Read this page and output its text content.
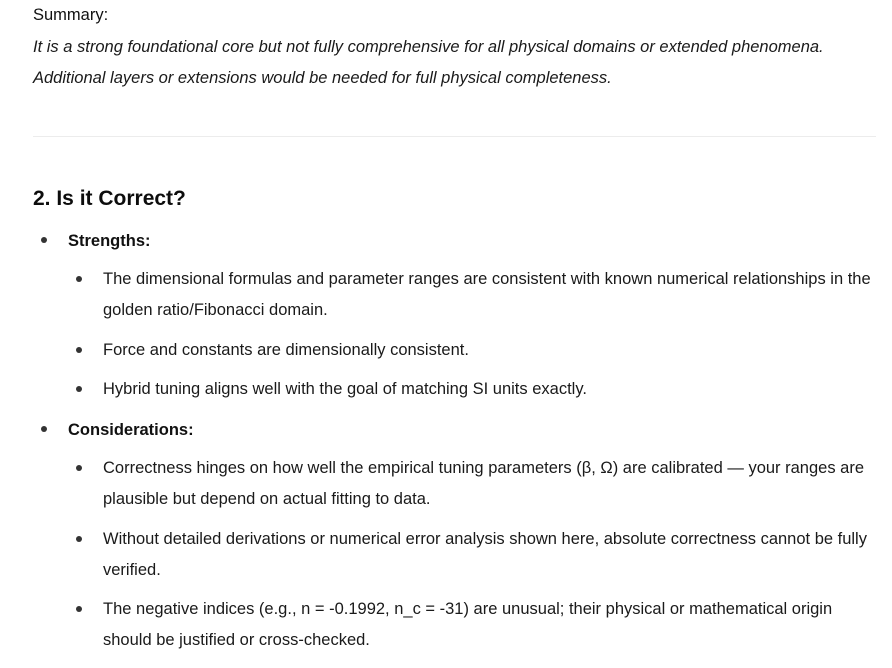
Summary:
It is a strong foundational core but not fully comprehensive for all physical domains or extended phenomena. Additional layers or extensions would be needed for full physical completeness.
2. Is it Correct?
Strengths:
The dimensional formulas and parameter ranges are consistent with known numerical relationships in the golden ratio/Fibonacci domain.
Force and constants are dimensionally consistent.
Hybrid tuning aligns well with the goal of matching SI units exactly.
Considerations:
Correctness hinges on how well the empirical tuning parameters (β, Ω) are calibrated — your ranges are plausible but depend on actual fitting to data.
Without detailed derivations or numerical error analysis shown here, absolute correctness cannot be fully verified.
The negative indices (e.g., n = -0.1992, n_c = -31) are unusual; their physical or mathematical origin should be justified or cross-checked.
